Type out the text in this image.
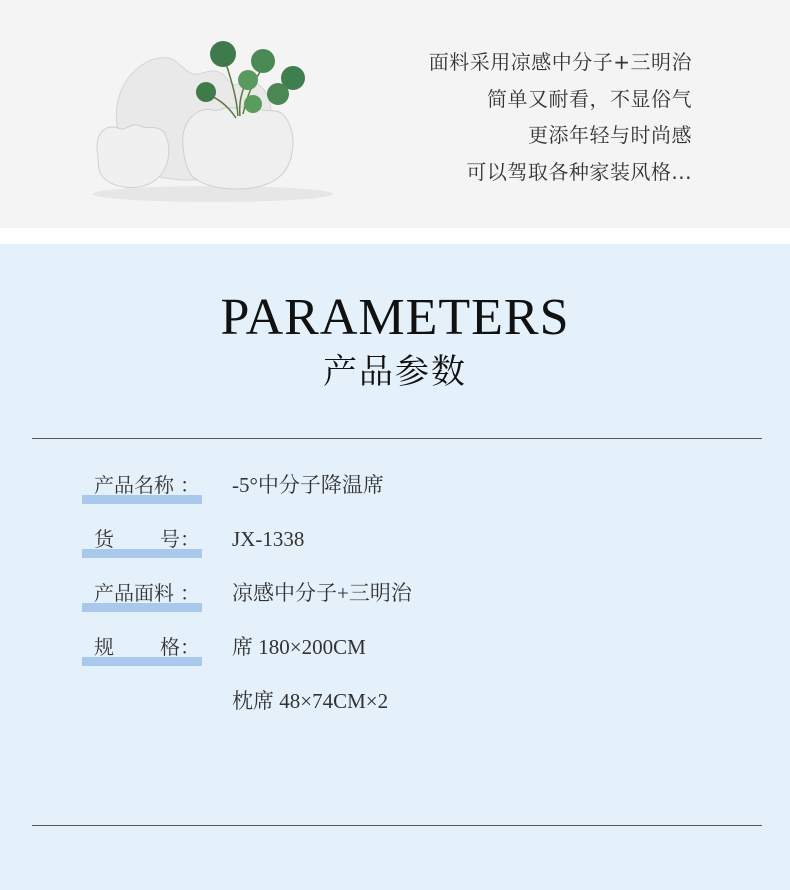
面料采用凉感中分子+三明治
简单又耐看，不显俗气
更添年轻与时尚感
可以驾取各种家装风格...
PARAMETERS
产品参数
产品名称 ： -5°中分子降温席
货 号： JX-1338
产品面料 ： 凉感中分子+三明治
规 格： 席 180×200CM
枕席 48×74CM×2
